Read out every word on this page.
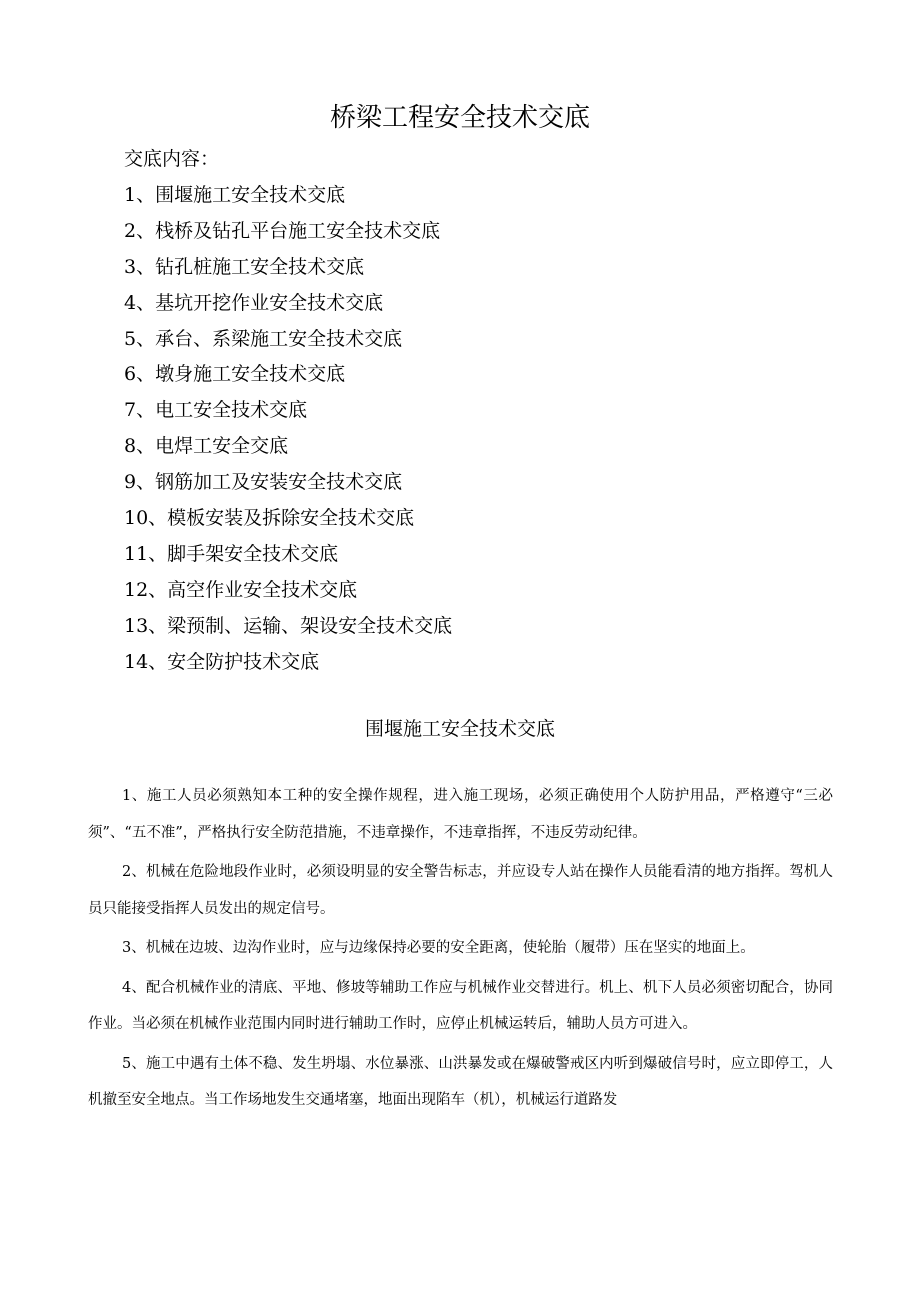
桥梁工程安全技术交底
交底内容：
1、围堰施工安全技术交底
2、栈桥及钻孔平台施工安全技术交底
3、钻孔桩施工安全技术交底
4、基坑开挖作业安全技术交底
5、承台、系梁施工安全技术交底
6、墩身施工安全技术交底
7、电工安全技术交底
8、电焊工安全交底
9、钢筋加工及安装安全技术交底
10、模板安装及拆除安全技术交底
11、脚手架安全技术交底
12、高空作业安全技术交底
13、梁预制、运输、架设安全技术交底
14、安全防护技术交底
围堰施工安全技术交底

1、施工人员必须熟知本工种的安全操作规程，进入施工现场，必须正确使用个人防护用品，严格遵守“三必须”、“五不准”，严格执行安全防范措施，不违章操作，不违章指挥，不违反劳动纪律。

2、机械在危险地段作业时，必须设明显的安全警告标志，并应设专人站在操作人员能看清的地方指挥。驾机人员只能接受指挥人员发出的规定信号。

3、机械在边坡、边沟作业时，应与边缘保持必要的安全距离，使轮胎（履带）压在坚实的地面上。

4、配合机械作业的清底、平地、修坡等辅助工作应与机械作业交替进行。机上、机下人员必须密切配合，协同作业。当必须在机械作业范围内同时进行辅助工作时，应停止机械运转后，辅助人员方可进入。

5、施工中遇有土体不稳、发生坍塌、水位暴涨、山洪暴发或在爆破警戒区内听到爆破信号时，应立即停工，人机撤至安全地点。当工作场地发生交通堵塞，地面出现陷车（机），机械运行道路发
